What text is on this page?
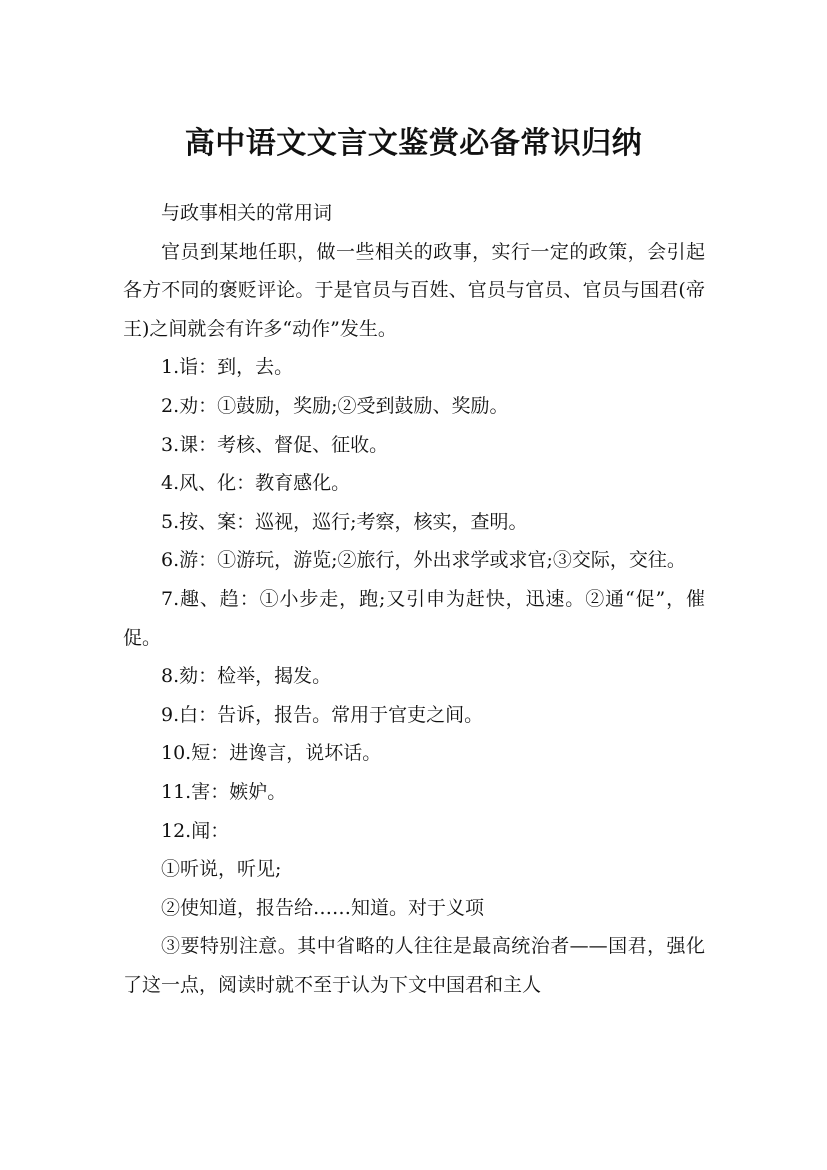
高中语文文言文鉴赏必备常识归纳

与政事相关的常用词

官员到某地任职，做一些相关的政事，实行一定的政策，会引起各方不同的褒贬评论。于是官员与百姓、官员与官员、官员与国君(帝王)之间就会有许多“动作”发生。

1.诣：到，去。

2.劝：①鼓励，奖励;②受到鼓励、奖励。

3.课：考核、督促、征收。

4.风、化：教育感化。

5.按、案：巡视，巡行;考察，核实，查明。

6.游：①游玩，游览;②旅行，外出求学或求官;③交际，交往。

7.趣、趋：①小步走，跑;又引申为赶快，迅速。②通“促”，催促。

8.劾：检举，揭发。

9.白：告诉，报告。常用于官吏之间。

10.短：进谗言，说坏话。

11.害：嫉妒。

12.闻：

①听说，听见;

②使知道，报告给……知道。对于义项

③要特别注意。其中省略的人往往是最高统治者——国君，强化了这一点，阅读时就不至于认为下文中国君和主人
